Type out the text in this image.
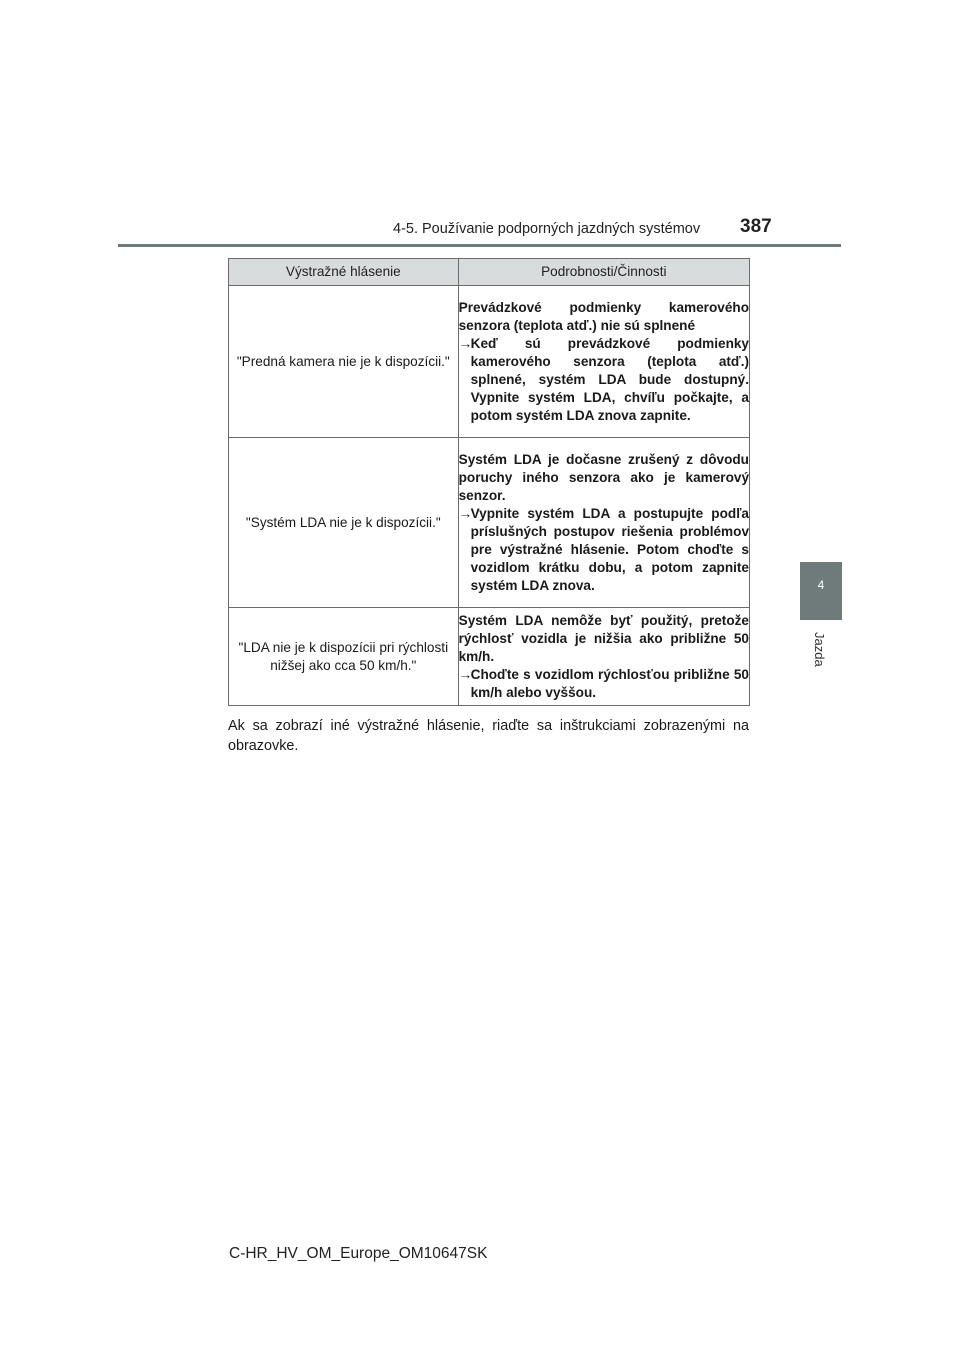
4-5. Používanie podporných jazdných systémov 387
4
Jazda
Výstražné hlásenie	Podrobnosti/Činnosti
"Predná kamera nie je k dispozícii."	Prevádzkové podmienky kamerového senzora (teplota atď.) nie sú splnené
→
Keď sú prevádzkové podmienky kamerového senzora (teplota atď.) splnené, systém LDA bude dostupný. Vypnite systém LDA, chvíľu počkajte, a potom systém LDA znova zapnite.

"Systém LDA nie je k dispozícii."	Systém LDA je dočasne zrušený z dôvodu poruchy iného senzora ako je kamerový senzor.
→
Vypnite systém LDA a postupujte podľa príslušných postupov riešenia problémov pre výstražné hlásenie. Potom choďte s vozidlom krátku dobu, a potom zapnite systém LDA znova.

"LDA nie je k dispozícii pri rýchlosti nižšej ako cca 50 km/h."	Systém LDA nemôže byť použitý, pretože rýchlosť vozidla je nižšia ako približne 50 km/h.
→
Choďte s vozidlom rýchlosťou približne 50 km/h alebo vyššou.
Ak sa zobrazí iné výstražné hlásenie, riaďte sa inštrukciami zobrazenými na obrazovke.
C-HR_HV_OM_Europe_OM10647SK
